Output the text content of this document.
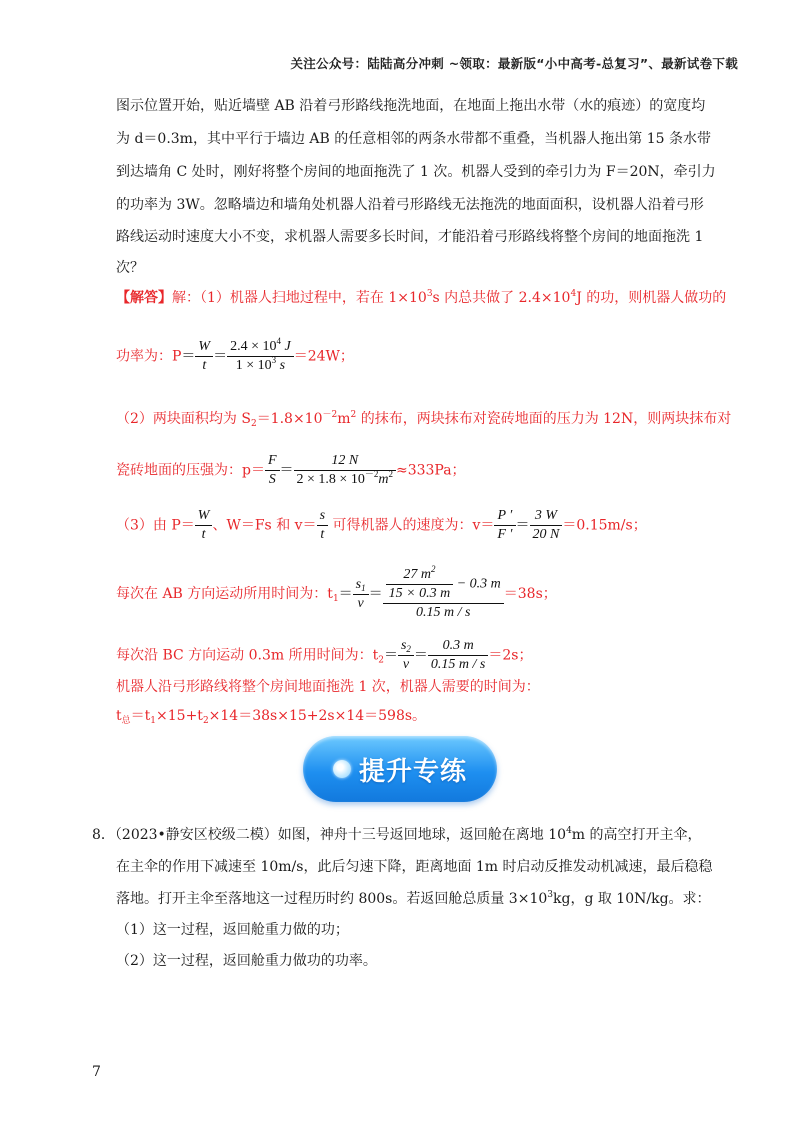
关注公众号：陆陆高分冲刺 ~领取：最新版“小中高考-总复习”、最新试卷下载
图示位置开始，贴近墙壁 AB 沿着弓形路线拖洗地面，在地面上拖出水带（水的痕迹）的宽度均
为 d＝0.3m，其中平行于墙边 AB 的任意相邻的两条水带都不重叠，当机器人拖出第 15 条水带
到达墙角 C 处时，刚好将整个房间的地面拖洗了 1 次。机器人受到的牵引力为 F＝20N，牵引力
的功率为 3W。忽略墙边和墙角处机器人沿着弓形路线无法拖洗的地面面积，设机器人沿着弓形
路线运动时速度大小不变，求机器人需要多长时间，才能沿着弓形路线将整个房间的地面拖洗 1
次？
【解答】解：（1）机器人扫地过程中，若在 $1\times 10^3s$ 内总共做了 $2.4\times 10^4J$ 的功，则机器人做功的
功率为：$P= \frac{W}{t} = \frac{2.4 \times 10^4 J}{1 \times 10^3 s} =24W$；
（2）两块面积均为 $S_2=1.8\times 10^{-2}m^2$ 的抹布，两块抹布对瓷砖地面的压力为 12N，则两块抹布对
瓷砖地面的压强为：$p= \frac{F}{S} = \frac{12 N}{2 \times 1.8 \times 10^{-2}m^2} \approx 333Pa$；
（3）由 $P= \frac{W}{t}$ 、W＝Fs 和 $v= \frac{s}{t}$ 可得机器人的速度为：$v= \frac{P '}{F '} = \frac{3 W}{20 N} =0.15m/s$；
每次在 AB 方向运动所用时间为：$t_1= \frac{s_1}{v} = \frac{\frac{27 m^2}{15 \times 0.3 m} - 0.3 m}{0.15 m / s} =38s$；
每次沿 BC 方向运动 0.3m 所用时间为：$t_2= \frac{s_2}{v} = \frac{0.3 m}{0.15 m / s} =2s$；
机器人沿弓形路线将整个房间地面拖洗 1 次，机器人需要的时间为：
$t_总=t_1\times 15+t_2\times 14=38s\times 15+2s\times 14=598s$。
提升专练
8．（2023•静安区校级二模）如图，神舟十三号返回地球，返回舱在离地 $10^4m$ 的高空打开主伞，
在主伞的作用下减速至 10m/s，此后匀速下降，距离地面 1m 时启动反推发动机减速，最后稳稳
落地。打开主伞至落地这一过程历时约 800s。若返回舱总质量 $3\times 10^3kg$，g 取 10N/kg。求：
（1）这一过程，返回舱重力做的功；
（2）这一过程，返回舱重力做功的功率。
7
